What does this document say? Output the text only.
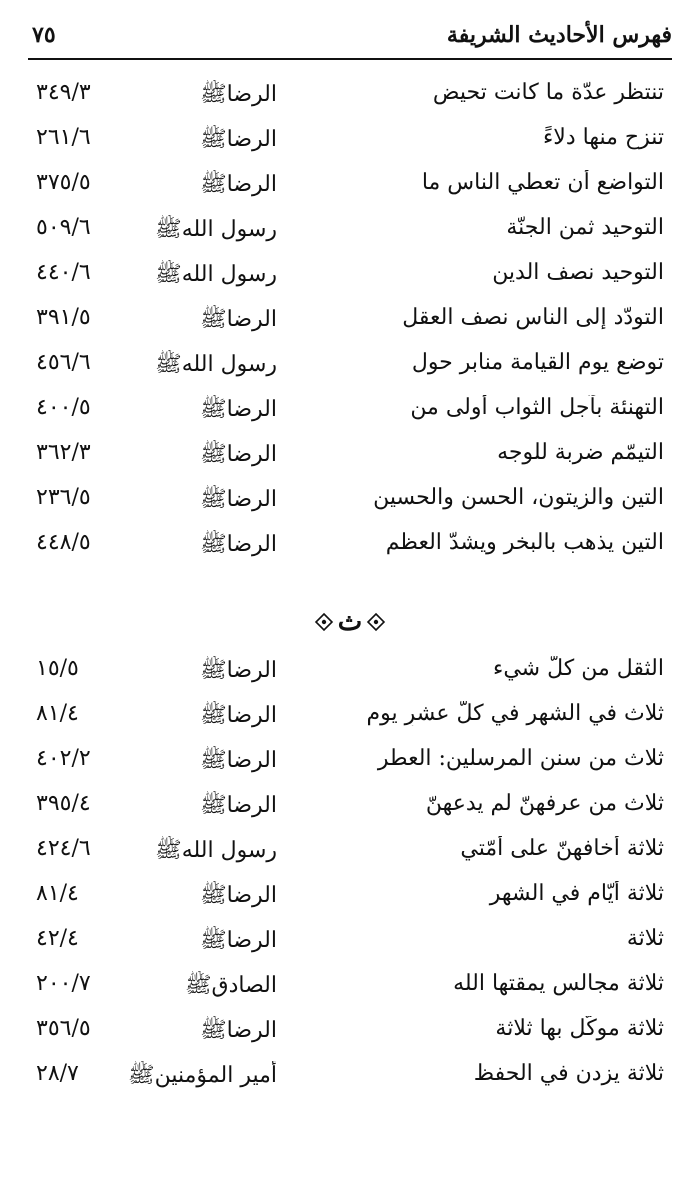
فهرس الأحاديث الشريفة
٧٥
تنتظر عدّة ما كانت تحيض
الرضاﷺ
٣٤٩/٣
تنزح منها دلاءً
الرضاﷺ
٢٦١/٦
التواضع أن تعطي الناس ما
الرضاﷺ
٣٧٥/٥
التوحيد ثمن الجنّة
رسول اللهﷺ
٥٠٩/٦
التوحيد نصف الدين
رسول اللهﷺ
٤٤٠/٦
التودّد إلى الناس نصف العقل
الرضاﷺ
٣٩١/٥
توضع يوم القيامة منابر حول
رسول اللهﷺ
٤٥٦/٦
التهنئة بآجل الثواب أولى من
الرضاﷺ
٤٠٠/٥
التيمّم ضربة للوجه
الرضاﷺ
٣٦٢/٣
التين والزيتون، الحسن والحسين
الرضاﷺ
٢٣٦/٥
التين يذهب بالبخر ويشدّ العظم
الرضاﷺ
٤٤٨/٥
ث
الثقل من كلّ شيء
الرضاﷺ
١٥/٥
ثلاث في الشهر في كلّ عشرٍ يوم
الرضاﷺ
٨١/٤
ثلاث من سنن المرسلين: العطر
الرضاﷺ
٤٠٢/٢
ثلاث من عرفهنّ لم يدعهنّ
الرضاﷺ
٣٩٥/٤
ثلاثة أخافهنّ على أمّتي
رسول اللهﷺ
٤٢٤/٦
ثلاثة أيّام في الشهر
الرضاﷺ
٨١/٤
ثلاثة
الرضاﷺ
٤٢/٤
ثلاثة مجالس يمقتها الله
الصادقﷺ
٢٠٠/٧
ثلاثة موكّل بها ثلاثة
الرضاﷺ
٣٥٦/٥
ثلاثة يزدن في الحفظ
أمير المؤمنينﷺ
٢٨/٧
